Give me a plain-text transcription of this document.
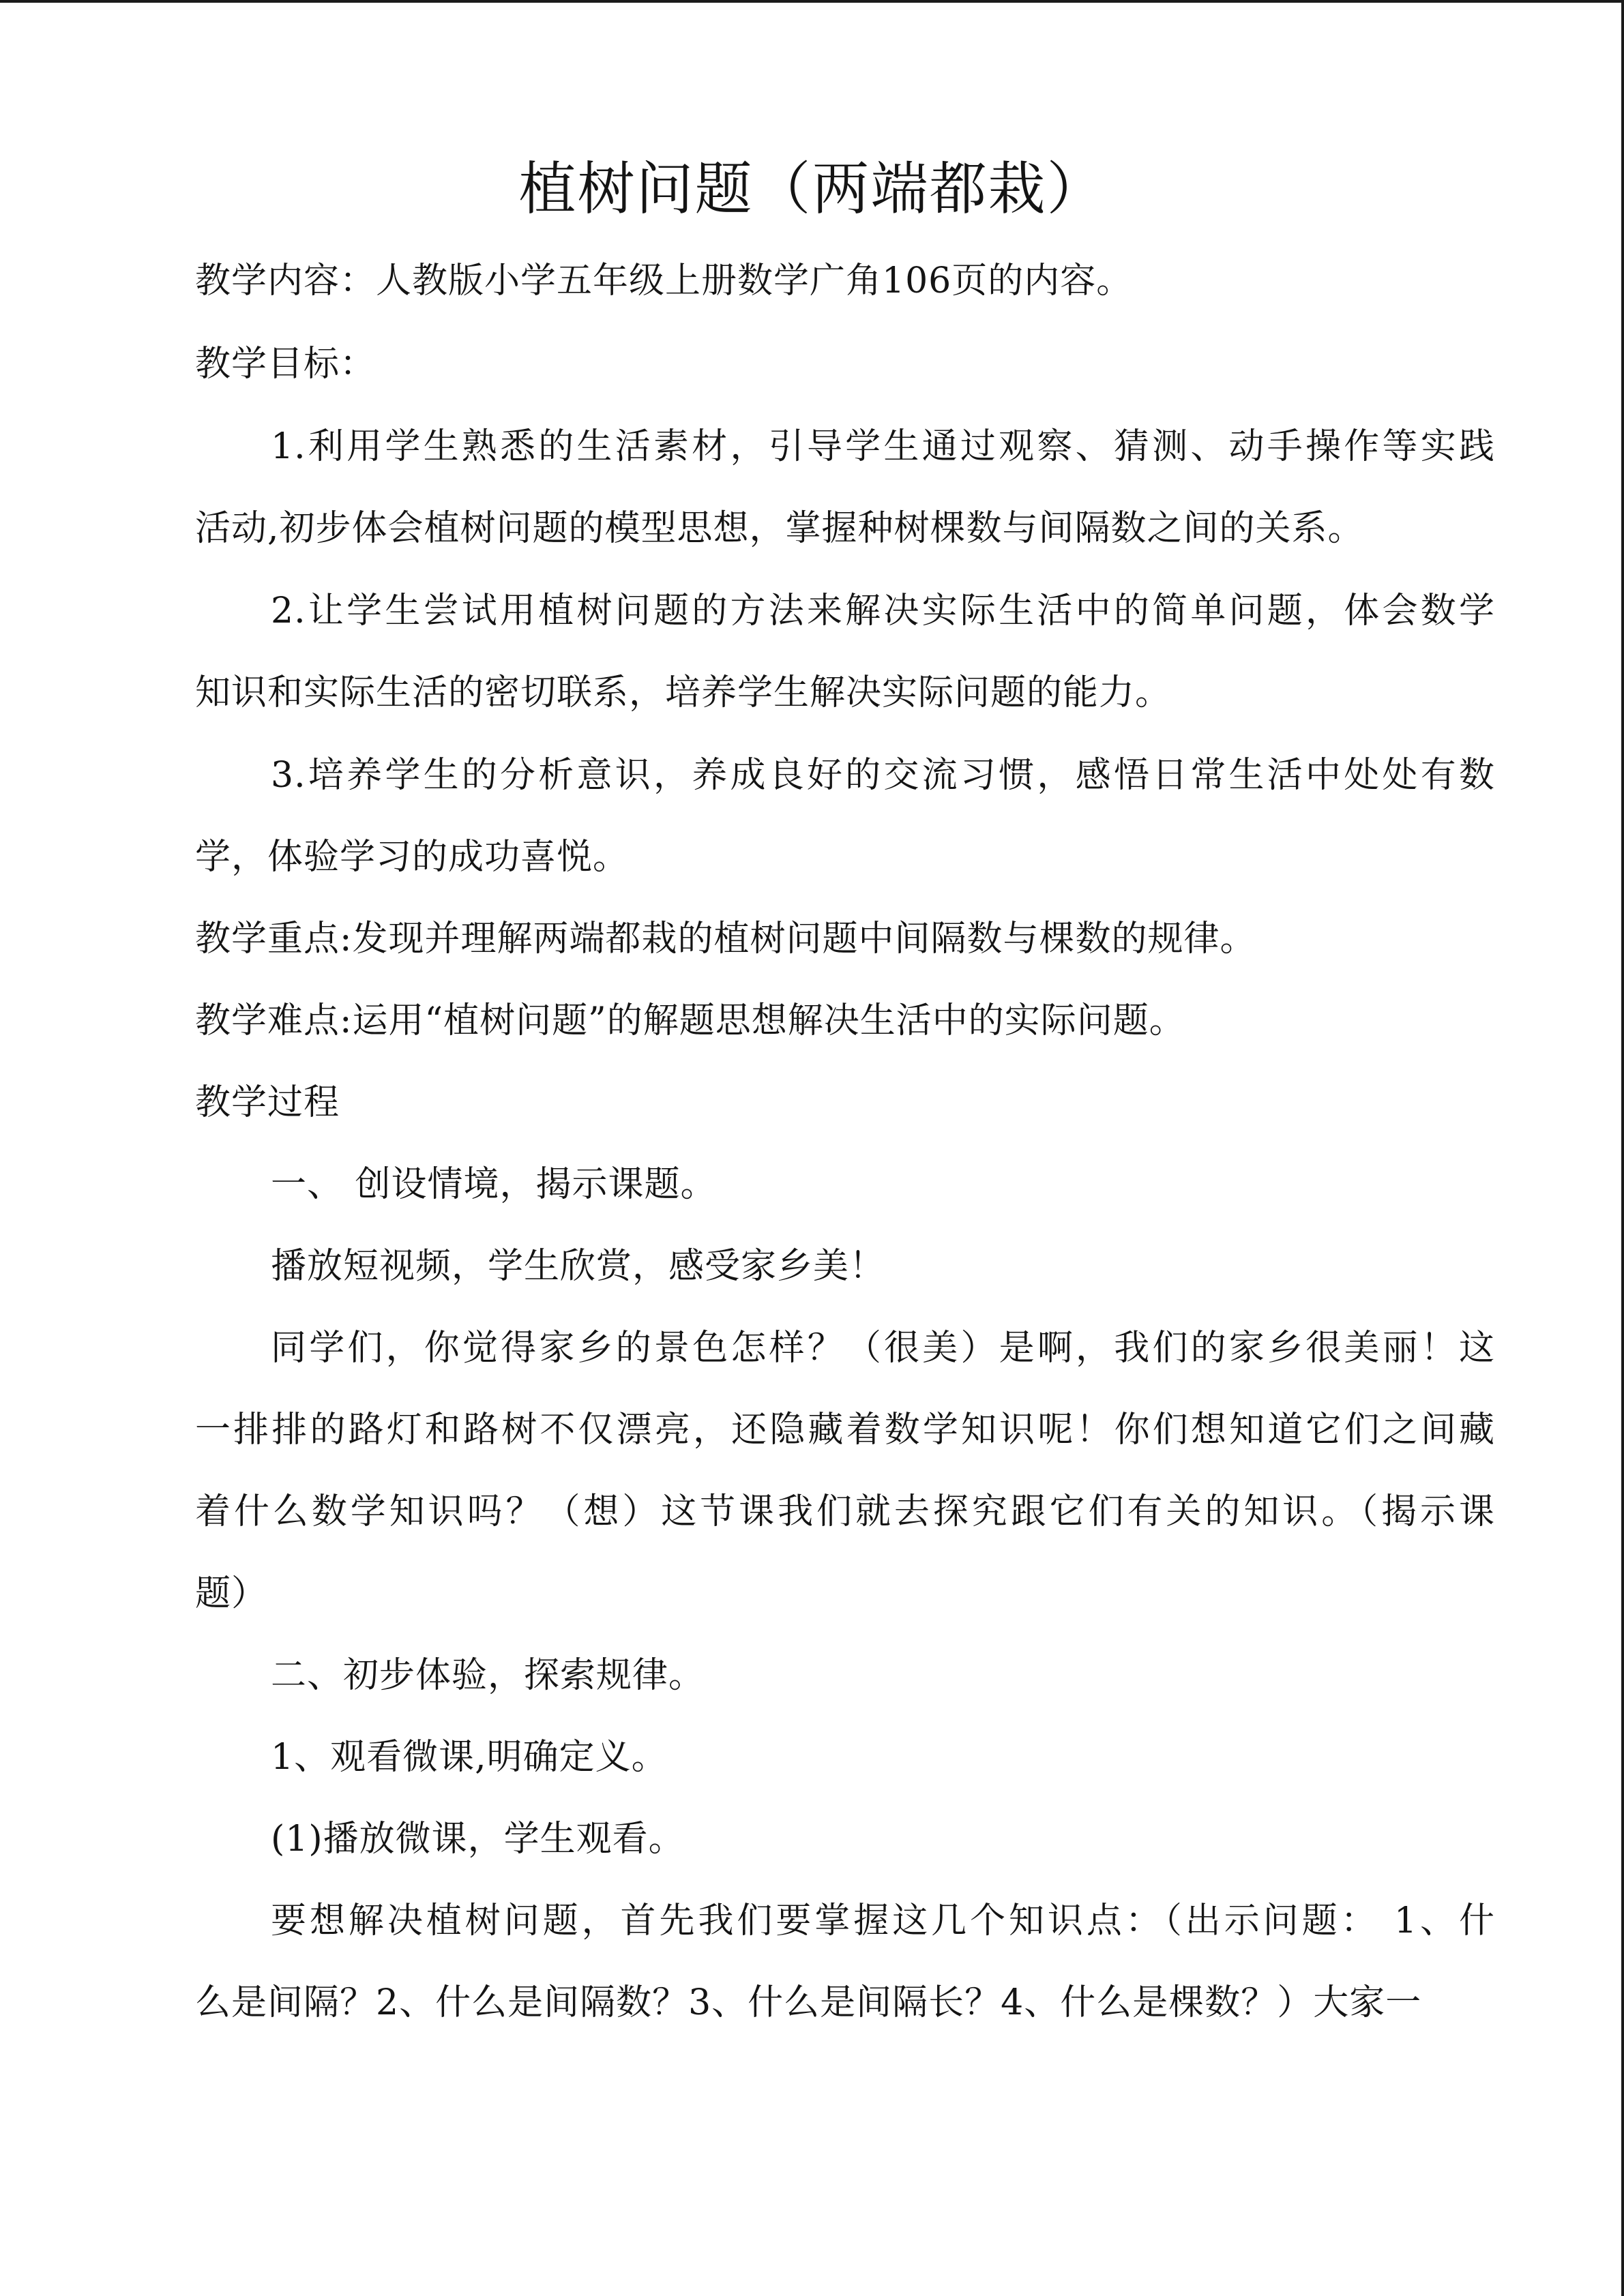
植树问题（两端都栽）
教学内容：人教版小学五年级上册数学广角106页的内容。
教学目标：
1.利用学生熟悉的生活素材，引导学生通过观察、猜测、动手操作等实践
活动,初步体会植树问题的模型思想，掌握种树棵数与间隔数之间的关系。
2.让学生尝试用植树问题的方法来解决实际生活中的简单问题，体会数学
知识和实际生活的密切联系，培养学生解决实际问题的能力。
3.培养学生的分析意识，养成良好的交流习惯，感悟日常生活中处处有数
学，体验学习的成功喜悦。
教学重点:发现并理解两端都栽的植树问题中间隔数与棵数的规律。
教学难点:运用“植树问题”的解题思想解决生活中的实际问题。
教学过程
一、 创设情境，揭示课题。
播放短视频，学生欣赏，感受家乡美！
同学们，你觉得家乡的景色怎样？（很美）是啊，我们的家乡很美丽！这
一排排的路灯和路树不仅漂亮，还隐藏着数学知识呢！你们想知道它们之间藏
着什么数学知识吗？（想）这节课我们就去探究跟它们有关的知识。（揭示课
题）
二、初步体验，探索规律。
1、观看微课,明确定义。
(1)播放微课，学生观看。
要想解决植树问题，首先我们要掌握这几个知识点：（出示问题： 1、什
么是间隔？2、什么是间隔数？3、什么是间隔长？4、什么是棵数？）大家一
